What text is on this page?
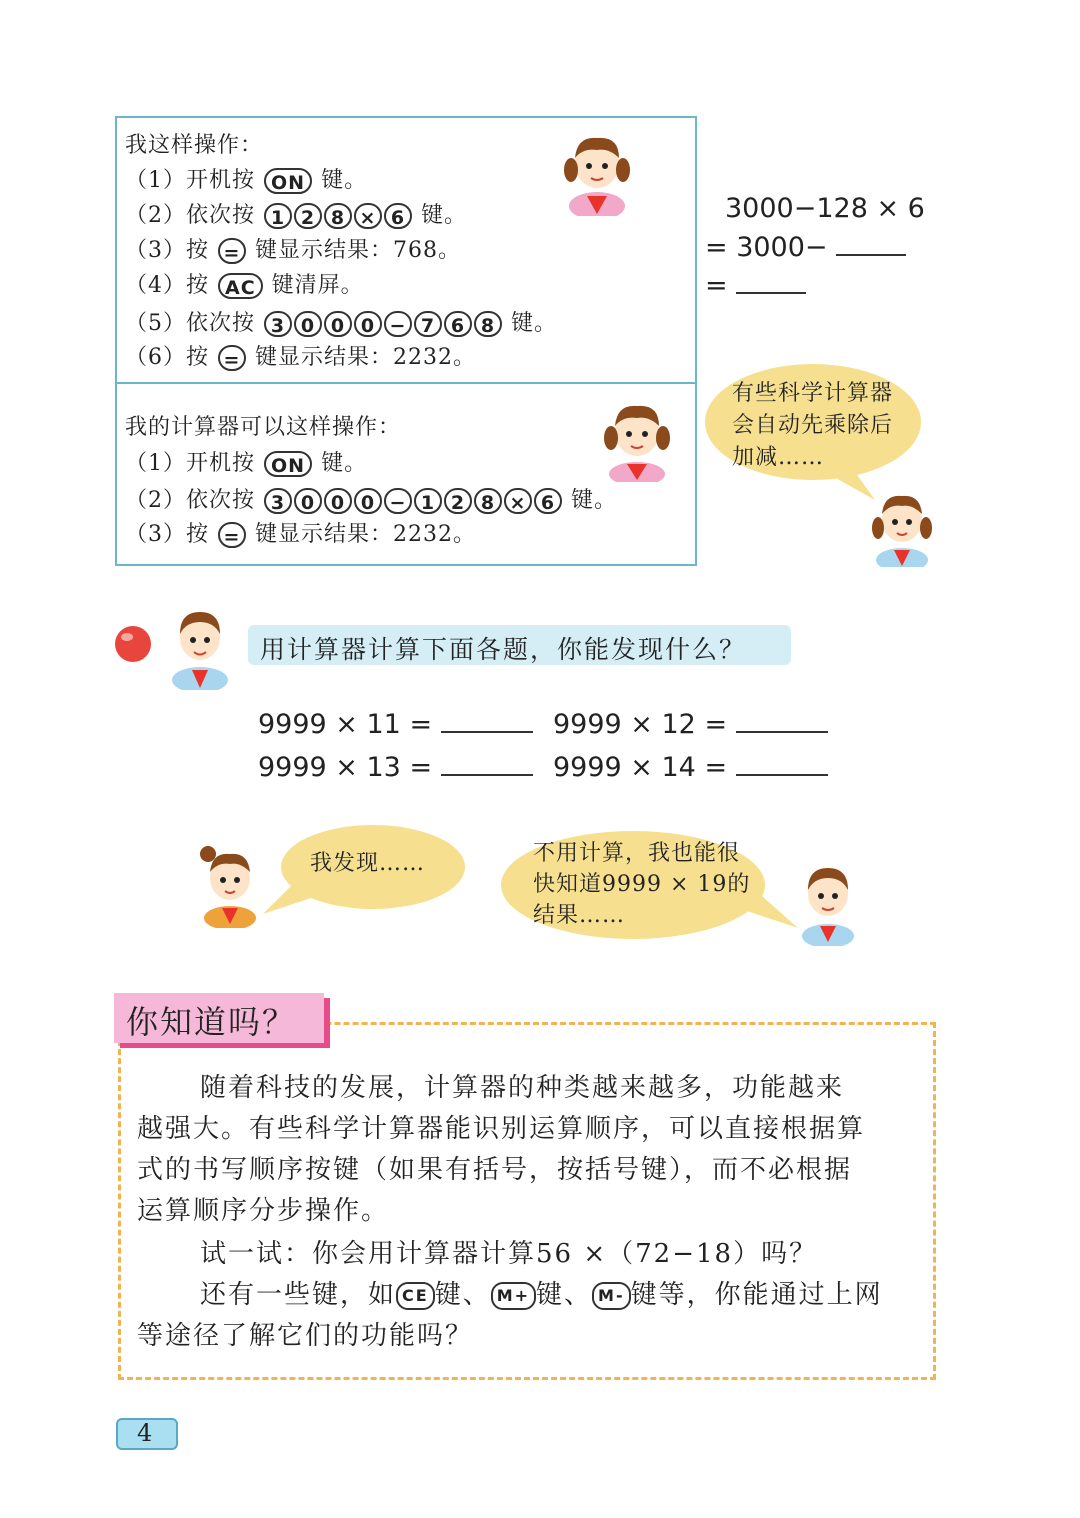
我这样操作：
（1）开机按 ON 键。
（2）依次按 1 2 8 × 6 键。
（3）按 = 键显示结果：768。
（4）按 AC 键清屏。
（5）依次按 3 0 0 0 − 7 6 8 键。
（6）按 = 键显示结果：2232。
我的计算器可以这样操作：
（1）开机按 ON 键。
（2）依次按 3 0 0 0 − 1 2 8 × 6 键。
（3）按 = 键显示结果：2232。
3000−128 × 6
= 3000−
=
有些科学计算器会自动先乘除后加减……
用计算器计算下面各题，你能发现什么？
9999 × 11 =	9999 × 12 =
9999 × 13 =	9999 × 14 =
我发现……	不用计算，我也能很快知道9999 × 19的结果……
你知道吗？
随着科技的发展，计算器的种类越来越多，功能越来
越强大。有些科学计算器能识别运算顺序，可以直接根据算
式的书写顺序按键（如果有括号，按括号键），而不必根据
运算顺序分步操作。
试一试：你会用计算器计算56 ×（72−18）吗？
还有一些键，如 CE 键、 M+ 键、 M- 键等，你能通过上网
等途径了解它们的功能吗？
4
